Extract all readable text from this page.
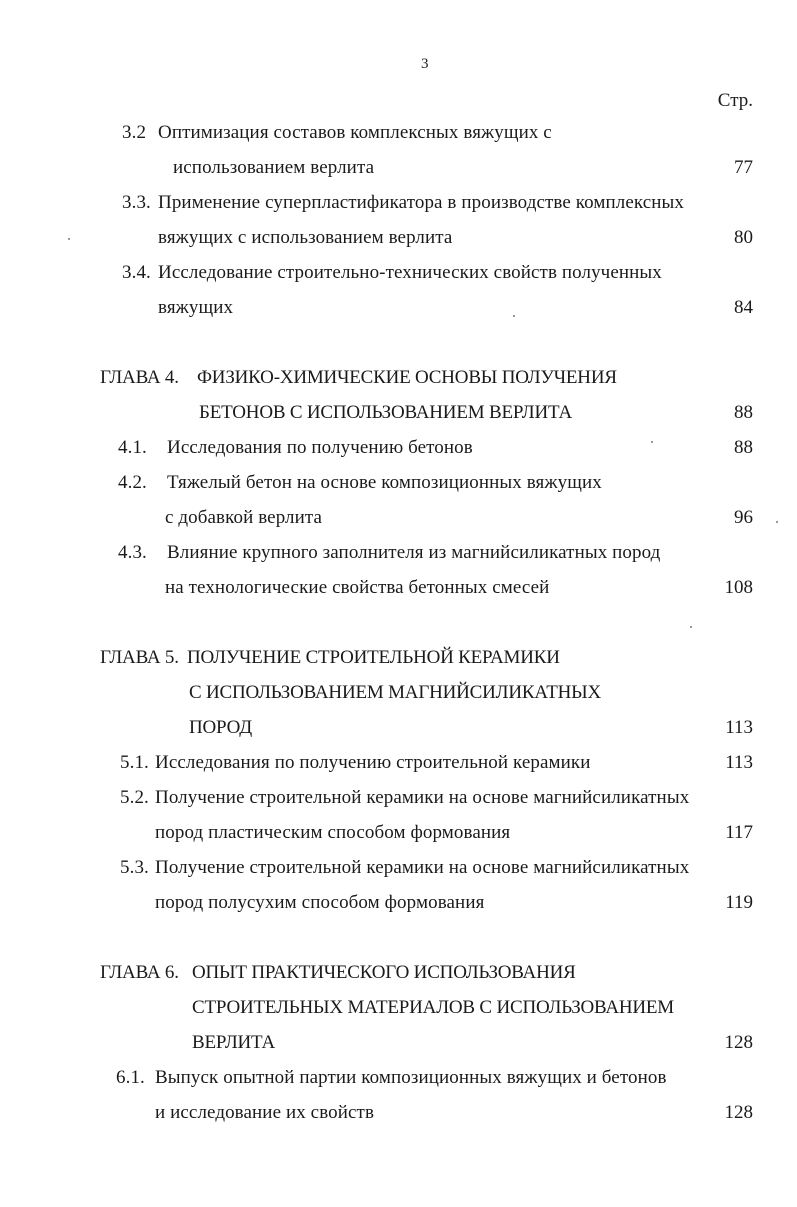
3
Стр.
3.2 Оптимизация составов комплексных вяжущих с
использованием верлита	77
3.3. Применение суперпластификатора в производстве комплексных
вяжущих с использованием верлита	80
3.4. Исследование строительно-технических свойств полученных
вяжущих	84
ГЛАВА 4. ФИЗИКО-ХИМИЧЕСКИЕ ОСНОВЫ ПОЛУЧЕНИЯ
БЕТОНОВ С ИСПОЛЬЗОВАНИЕМ ВЕРЛИТА	88
4.1. Исследования по получению бетонов	88
4.2. Тяжелый бетон на основе композиционных вяжущих
с добавкой верлита	96
4.3. Влияние крупного заполнителя из магнийсиликатных пород
на технологические свойства бетонных смесей	108
ГЛАВА 5. ПОЛУЧЕНИЕ СТРОИТЕЛЬНОЙ КЕРАМИКИ
С ИСПОЛЬЗОВАНИЕМ МАГНИЙСИЛИКАТНЫХ
ПОРОД	113
5.1. Исследования по получению строительной керамики	113
5.2. Получение строительной керамики на основе магнийсиликатных
пород пластическим способом формования	117
5.3. Получение строительной керамики на основе магнийсиликатных
пород полусухим способом формования	119
ГЛАВА 6. ОПЫТ ПРАКТИЧЕСКОГО ИСПОЛЬЗОВАНИЯ
СТРОИТЕЛЬНЫХ МАТЕРИАЛОВ С ИСПОЛЬЗОВАНИЕМ
ВЕРЛИТА	128
6.1. Выпуск опытной партии композиционных вяжущих и бетонов
и исследование их свойств	128
